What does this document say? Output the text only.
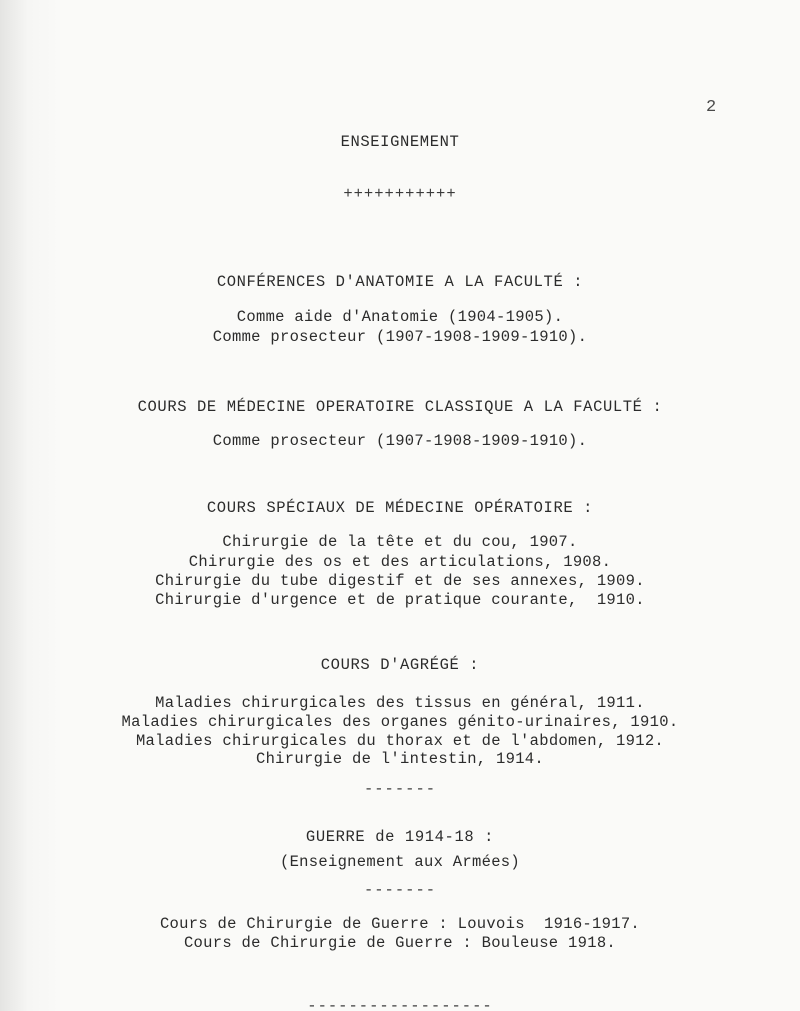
2
ENSEIGNEMENT
+++++++++++
CONFÉRENCES D'ANATOMIE A LA FACULTÉ :
Comme aide d'Anatomie (1904-1905).
Comme prosecteur (1907-1908-1909-1910).
COURS DE MÉDECINE OPERATOIRE CLASSIQUE A LA FACULTÉ :
Comme prosecteur (1907-1908-1909-1910).
COURS SPÉCIAUX DE MÉDECINE OPÉRATOIRE :
Chirurgie de la tête et du cou, 1907.
Chirurgie des os et des articulations, 1908.
Chirurgie du tube digestif et de ses annexes, 1909.
Chirurgie d'urgence et de pratique courante,  1910.
COURS D'AGRÉGÉ :
Maladies chirurgicales des tissus en général, 1911.
Maladies chirurgicales des organes génito-urinaires, 1910.
Maladies chirurgicales du thorax et de l'abdomen, 1912.
Chirurgie de l'intestin, 1914.
-------
GUERRE de 1914-18 :
(Enseignement aux Armées)
-------
Cours de Chirurgie de Guerre : Louvois  1916-1917.
Cours de Chirurgie de Guerre : Bouleuse 1918.
------------------
